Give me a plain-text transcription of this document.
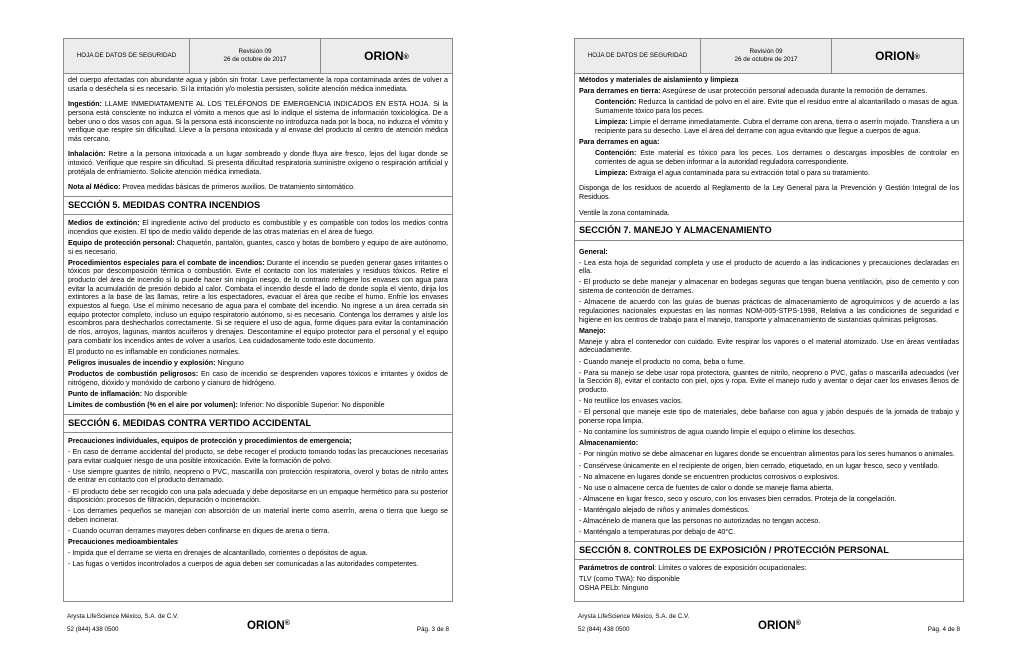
HOJA DE DATOS DE SEGURIDAD
Revisión 09
26 de octubre de 2017	ORION ®

del cuerpo afectadas con abundante agua y jabón sin frotar. Lave perfectamente la ropa contaminada antes de volver a usarla o deséchela si es necesario. Si la irritación y/o molestia persisten, solicite atención médica inmediata.

Ingestión: LLAME INMEDIATAMENTE AL LOS TELÉFONOS DE EMERGENCIA INDICADOS EN ESTA HOJA. Si la persona está consciente no induzca el vómito a menos que así lo indique el sistema de información toxicológica. De a beber uno o dos vasos con agua. Si la persona está inconsciente no introduzca nada por la boca, no induzca el vómito y verifique que respire sin dificultad. Lleve a la persona intoxicada y al envase del producto al centro de atención médica más cercano.

Inhalación: Retire a la persona intoxicada a un lugar sombreado y donde fluya aire fresco, lejos del lugar donde se intoxicó. Verifique que respire sin dificultad. Si presenta dificultad respiratoria suministre oxígeno o respiración artificial y protéjala de enfriamiento. Solicite atención médica inmediata.

Nota al Médico: Provea medidas básicas de primeros auxilios. De tratamiento sintomático.

SECCIÓN 5. MEDIDAS CONTRA INCENDIOS

Medios de extinción: El ingrediente activo del producto es combustible y es compatible con todos los medios contra incendios que existen. El tipo de medio válido depende de las otras materias en el área de fuego.

Equipo de protección personal: Chaquetón, pantalón, guantes, casco y botas de bombero y equipo de aire autónomo, si es necesario.

Procedimientos especiales para el combate de incendios: Durante el incendio se pueden generar gases irritantes o tóxicos por descomposición térmica o combustión. Evite el contacto con los materiales y residuos tóxicos. Retire el producto del área de incendio si lo puede hacer sin ningún riesgo, de lo contrario refrigere los envases con agua para evitar la acumulación de presión debido al calor. Combata el incendio desde el lado de donde sopla el viento, dirija los extintores a la base de las llamas, retire a los espectadores, evacuar el área que recibe el humo. Enfríe los envases expuestos al fuego. Use el mínimo necesario de agua para el combate del incendio. No ingrese a un área cerrada sin equipo protector completo, incluso un equipo respiratorio autónomo, si es necesario. Contenga los derrames y aísle los escombros para deshecharlos correctamente. Si se requiere el uso de agua, forme diques para evitar la contaminación de ríos, arroyos, lagunas, mantos acuíferos y drenajes. Descontamine el equipo protector para el personal y el equipo para combatir los incendios antes de volver a usarlos. Lea cuidadosamente todo este documento.

El producto no es inflamable en condiciones normales.

Peligros inusuales de incendio y explosión: Ninguno

Productos de combustión peligrosos: En caso de incendio se desprenden vapores tóxicos e irritantes y óxidos de nitrógeno, dióxido y monóxido de carbono y cianuro de hidrógeno.

Punto de inflamación: No disponible

Límites de combustión (% en el aire por volumen): Inferior: No disponible Superior: No disponible

SECCIÓN 6. MEDIDAS CONTRA VERTIDO ACCIDENTAL

Precauciones individuales, equipos de protección y procedimientos de emergencia;

- En caso de derrame accidental del producto, se debe recoger el producto tomando todas las precauciones necesarias para evitar cualquier riesgo de una posible intoxicación. Evite la formación de polvo.

- Use siempre guantes de nitrilo, neopreno o PVC, mascarilla con protección respiratoria, overol y botas de nitrilo antes de entrar en contacto con el producto derramado.

- El producto debe ser recogido con una pala adecuada y debe depositarse en un empaque hermético para su posterior disposición: procesos de filtración, depuración o incineración.

- Los derrames pequeños se manejan con absorción de un material inerte como aserrín, arena o tierra que luego se deben incinerar.

- Cuando ocurran derrames mayores deben confinarse en diques de arena o tierra.

Precauciones medioambientales

- Impida que el derrame se vierta en drenajes de alcantarillado, corrientes o depósitos de agua.

- Las fugas o vertidos incontrolados a cuerpos de agua deben ser comunicadas a las autoridades competentes.

Arysta LifeScience México, S.A. de C.V.
52 (844) 438 0500	ORION®
Pág. 3 de 8
HOJA DE DATOS DE SEGURIDAD
Revisión 09
26 de octubre de 2017	ORION ®

Métodos y materiales de aislamiento y limpieza

Para derrames en tierra: Asegúrese de usar protección personal adecuada durante la remoción de derrames.

Contención: Reduzca la cantidad de polvo en el aire. Evite que el residuo entre al alcantarillado o masas de agua. Sumamente tóxico para los peces.

Limpieza: Limpie el derrame inmediatamente. Cubra el derrame con arena, tierra o aserrín mojado. Transfiera a un recipiente para su desecho. Lave el área del derrame con agua evitando que llegue a cuerpos de agua.

Para derrames en agua:

Contención: Este material es tóxico para los peces. Los derrames o descargas imposibles de controlar en corrientes de agua se deben informar a la autoridad reguladora correspondiente.

Limpieza: Extraiga el agua contaminada para su extracción total o para su tratamiento.

Disponga de los residuos de acuerdo al Reglamento de la Ley General para la Prevención y Gestión Integral de los Residuos.

Ventile la zona contaminada.

SECCIÓN 7. MANEJO Y ALMACENAMIENTO

General:

- Lea esta hoja de seguridad completa y use el producto de acuerdo a las indicaciones y precauciones declaradas en ella.

- El producto se debe manejar y almacenar en bodegas seguras que tengan buena ventilación, piso de cemento y con sistema de contención de derrames.

- Almacene de acuerdo con las guías de buenas prácticas de almacenamiento de agroquímicos y de acuerdo a las regulaciones nacionales expuestas en las normas NOM-005-STPS-1998, Relativa a las condiciones de seguridad e higiene en los centros de trabajo para el manejo, transporte y almacenamiento de sustancias químicas peligrosas.

Manejo:

Maneje y abra el contenedor con cuidado. Evite respirar los vapores o el material atomizado. Use en áreas ventiladas adecuadamente.

- Cuando maneje el producto no coma, beba o fume.

- Para su manejo se debe usar ropa protectora, guantes de nitrilo, neopreno o PVC, gafas o mascarilla adecuados (ver la Sección 8), evitar el contacto con piel, ojos y ropa. Evite el manejo rudo y aventar o dejar caer los envases llenos de producto.

- No reutilice los envases vacíos.

- El personal que maneje este tipo de materiales, debe bañarse con agua y jabón después de la jornada de trabajo y ponerse ropa limpia.

- No contamine los suministros de agua cuando limpie el equipo o elimine los desechos.

Almacenamiento:

- Por ningún motivo se debe almacenar en lugares donde se encuentran alimentos para los seres humanos o animales.

- Consérvese únicamente en el recipiente de origen, bien cerrado, etiquetado, en un lugar fresco, seco y ventilado.

- No almacene en lugares donde se encuentren productos corrosivos o explosivos.

- No use o almacene cerca de fuentes de calor o donde se maneje flama abierta.

- Almacene en lugar fresco, seco y oscuro, con los envases bien cerrados. Proteja de la congelación.

- Manténgalo alejado de niños y animales domésticos.

- Almacénelo de manera que las personas no autorizadas no tengan acceso.

- Manténgalo a temperaturas por debajo de 40°C.

SECCIÓN 8. CONTROLES DE EXPOSICIÓN / PROTECCIÓN PERSONAL

Parámetros de control: Límites o valores de exposición ocupacionales:

TLV (como TWA): No disponible

OSHA PELb: Ninguno

Arysta LifeScience México, S.A. de C.V.
52 (844) 438 0500	ORION®
Pág. 4 de 8
